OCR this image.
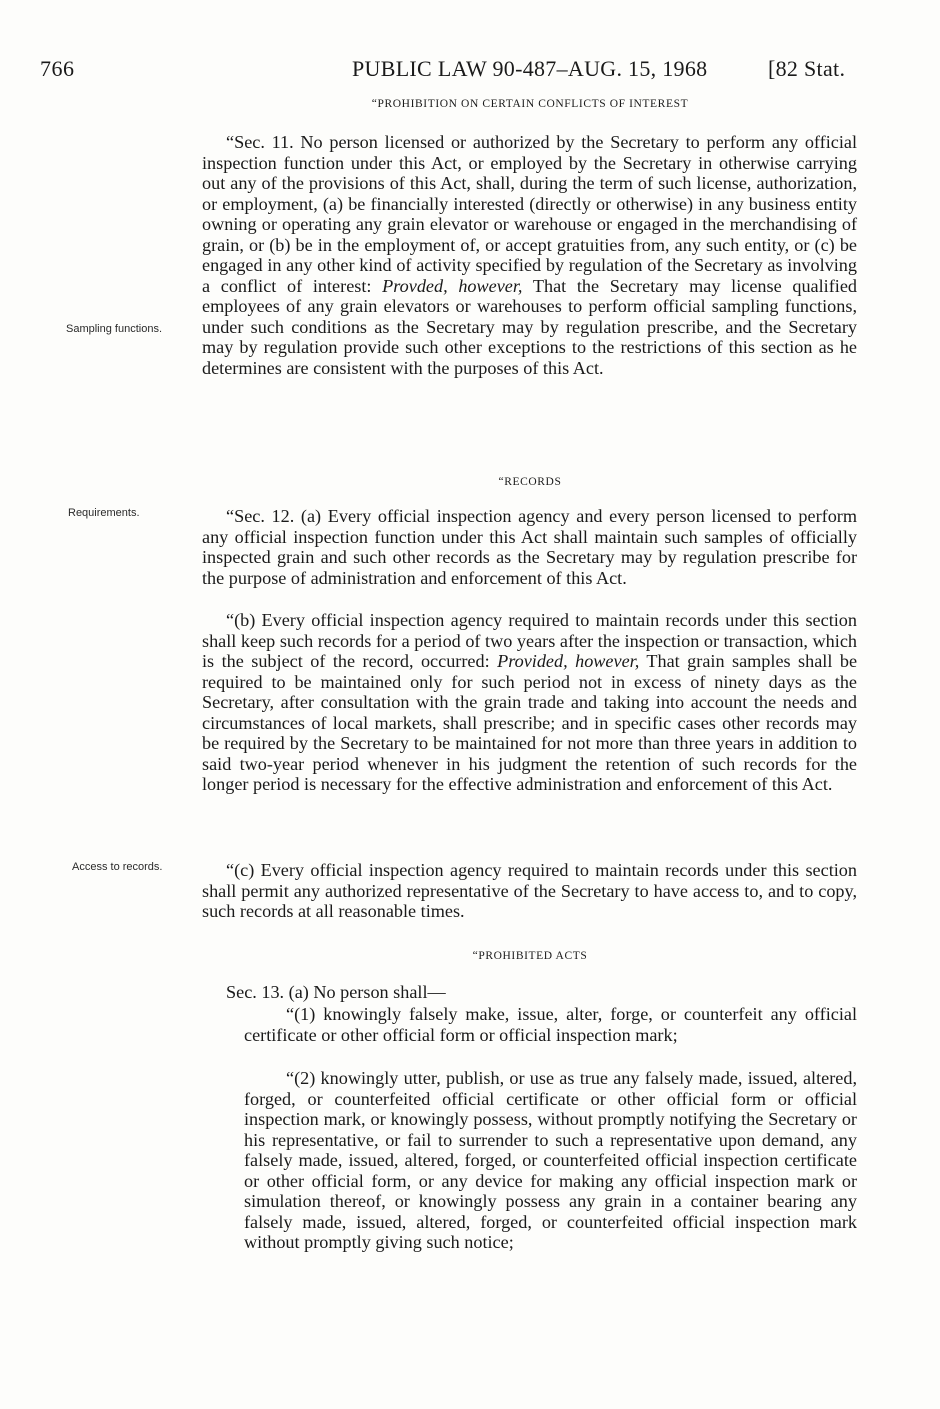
766	PUBLIC LAW 90-487–AUG. 15, 1968	[82 Stat.
“PROHIBITION ON CERTAIN CONFLICTS OF INTEREST

“Sec. 11. No person licensed or authorized by the Secretary to perform any official inspection function under this Act, or employed by the Secretary in otherwise carrying out any of the provisions of this Act, shall, during the term of such license, authorization, or employment, (a) be financially interested (directly or otherwise) in any business entity owning or operating any grain elevator or warehouse or engaged in the merchandising of grain, or (b) be in the employment of, or accept gratuities from, any such entity, or (c) be engaged in any other kind of activity specified by regulation of the Secretary as involving a conflict of interest: Provded, however, That the Secretary may license qualified employees of any grain elevators or warehouses to perform official sampling functions, under such conditions as the Secretary may by regulation prescribe, and the Secretary may by regulation provide such other exceptions to the restrictions of this section as he determines are consistent with the purposes of this Act.

Sampling functions.
“RECORDS
Requirements.	“Sec. 12. (a) Every official inspection agency and every person licensed to perform any official inspection function under this Act shall maintain such samples of officially inspected grain and such other records as the Secretary may by regulation prescribe for the purpose of administration and enforcement of this Act.

“(b) Every official inspection agency required to maintain records under this section shall keep such records for a period of two years after the inspection or transaction, which is the subject of the record, occurred: Provided, however, That grain samples shall be required to be maintained only for such period not in excess of ninety days as the Secretary, after consultation with the grain trade and taking into account the needs and circumstances of local markets, shall prescribe; and in specific cases other records may be required by the Secretary to be maintained for not more than three years in addition to said two-year period whenever in his judgment the retention of such records for the longer period is necessary for the effective administration and enforcement of this Act.

Access to records.	“(c) Every official inspection agency required to maintain records under this section shall permit any authorized representative of the Secretary to have access to, and to copy, such records at all reasonable times.

“PROHIBITED ACTS

Sec. 13. (a) No person shall—

“(1) knowingly falsely make, issue, alter, forge, or counterfeit any official certificate or other official form or official inspection mark;

“(2) knowingly utter, publish, or use as true any falsely made, issued, altered, forged, or counterfeited official certificate or other official form or official inspection mark, or knowingly possess, without promptly notifying the Secretary or his representative, or fail to surrender to such a representative upon demand, any falsely made, issued, altered, forged, or counterfeited official inspection certificate or other official form, or any device for making any official inspection mark or simulation thereof, or knowingly possess any grain in a container bearing any falsely made, issued, altered, forged, or counterfeited official inspection mark without promptly giving such notice;
